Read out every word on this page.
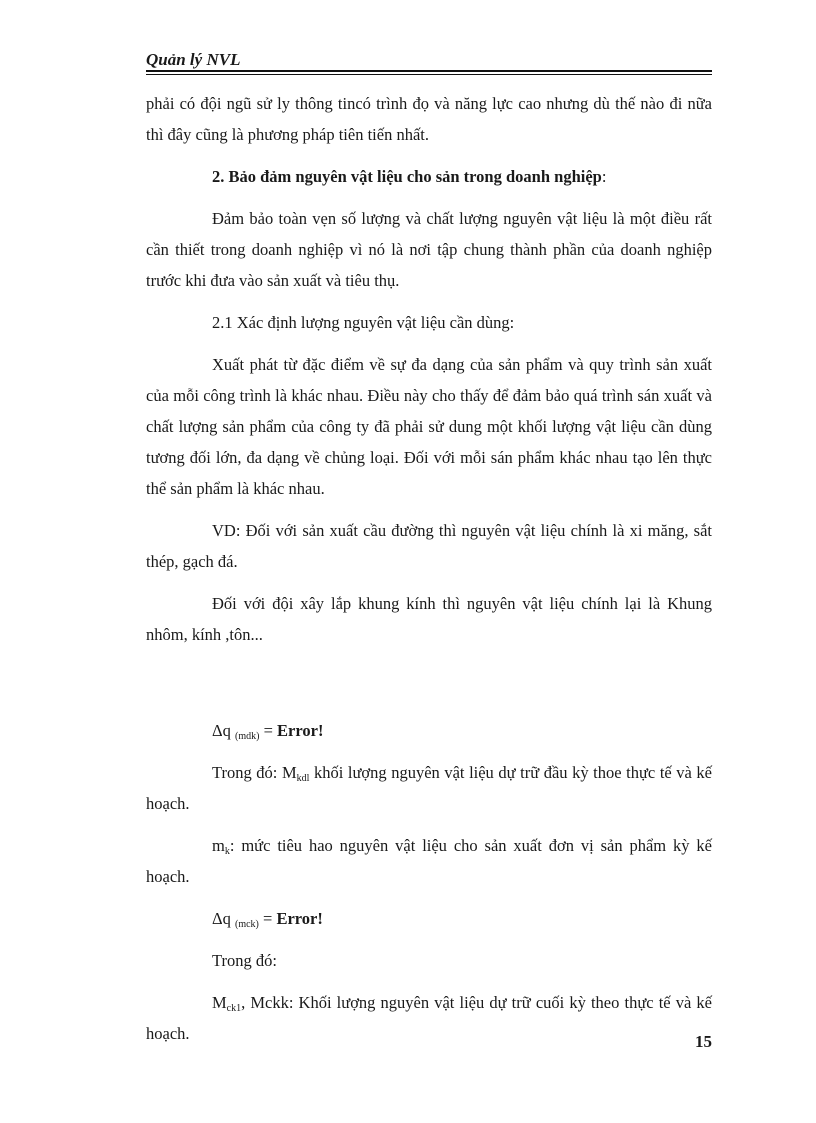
Quản lý NVL

phải có đội ngũ sử ly thông tincó trình đọ và năng lực cao nhưng dù thế nào đi nữa thì đây cũng là phương pháp tiên tiến nhất.

2. Bảo đảm nguyên vật liệu cho sản trong doanh nghiệp:

Đảm bảo toàn vẹn số lượng và chất lượng nguyên vật liệu là một điều rất cần thiết trong doanh nghiệp vì nó là nơi tập chung thành phần của doanh nghiệp trước khi đưa vào sản xuất và tiêu thụ.

2.1 Xác định lượng nguyên vật liệu cần dùng:

Xuất phát từ đặc điểm về sự đa dạng của sản phẩm và quy trình sản xuất của mỗi công trình là khác nhau. Điều này cho thấy để đảm bảo quá trình sán xuất và chất lượng sản phẩm của công ty đã phải sử dung một khối lượng vật liệu cần dùng tương đối lớn, đa dạng về chủng loại. Đối với mỗi sán phẩm khác nhau tạo lên thực thể sản phẩm là khác nhau.

VD: Đối với sản xuất cầu đường thì nguyên vật liệu chính là xi măng, sắt thép, gạch đá.

Đối với đội xây lắp khung kính thì nguyên vật liệu chính lại là Khung nhôm, kính ,tôn...

Δq $_{(mdk)}$ = Error!

Trong đó: $M_{kdl}$ khối lượng nguyên vật liệu dự trữ đầu kỳ thoe thực tế và kế hoạch.

$m_k$: mức tiêu hao nguyên vật liệu cho sản xuất đơn vị sản phẩm kỳ kế hoạch.

Δq $_{(mck)}$ = Error!

Trong đó:

$M_{ck1}$, Mckk: Khối lượng nguyên vật liệu dự trữ cuối kỳ theo thực tế và kế hoạch.	15
